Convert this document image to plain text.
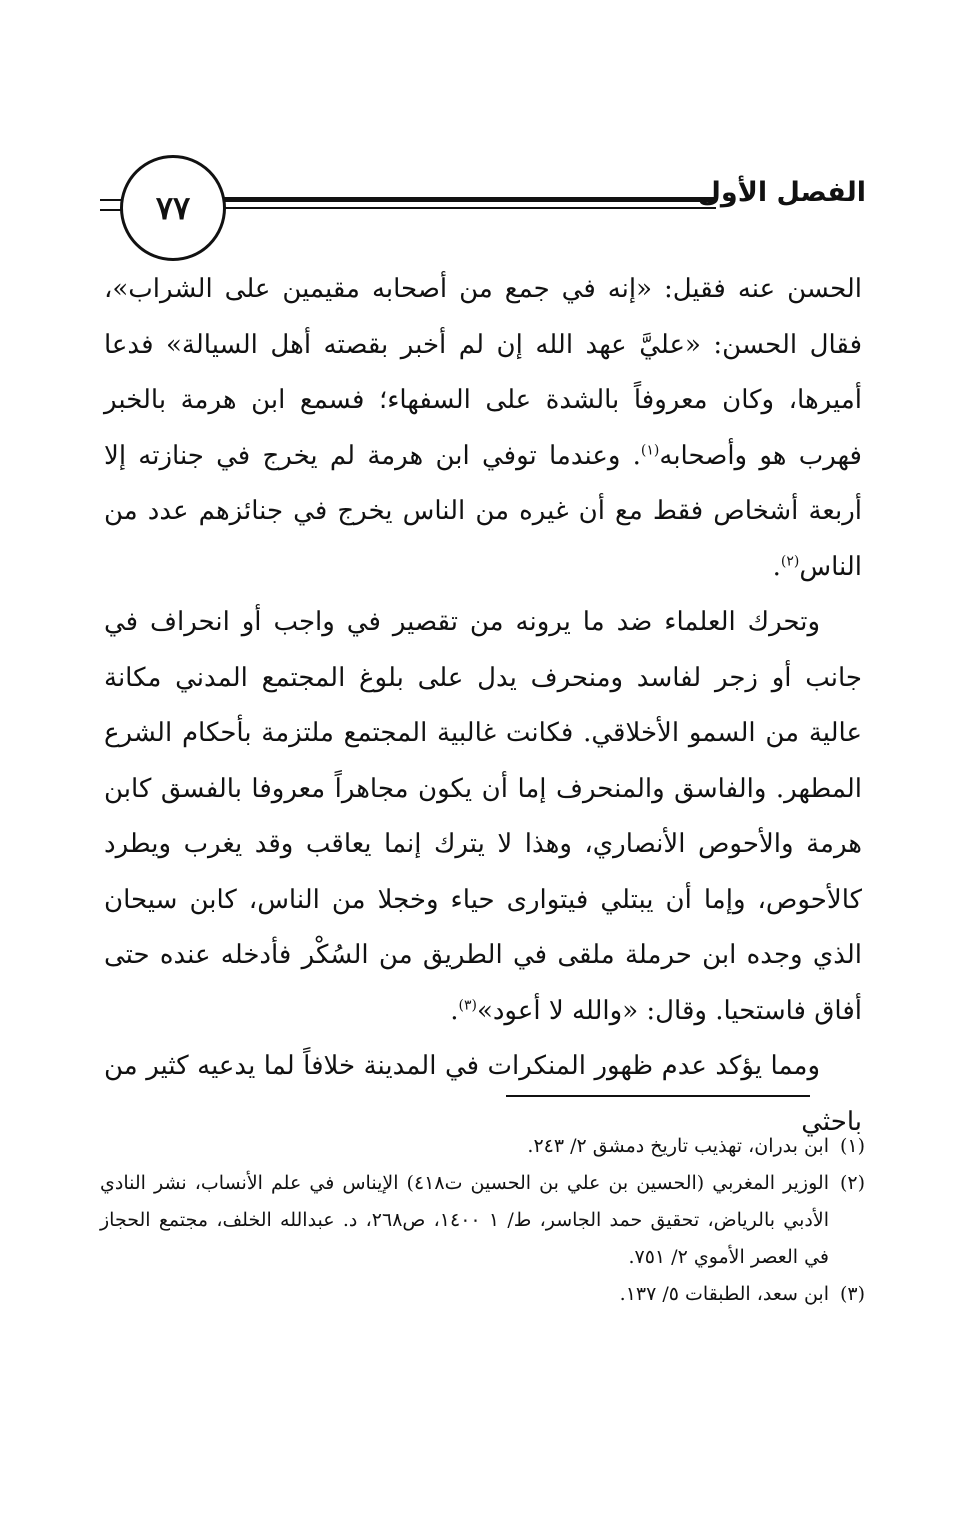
٧٧	الفصل الأول

الحسن عنه فقيل: «إنه في جمع من أصحابه مقيمين على الشراب»، فقال الحسن: «عليَّ عهد الله إن لم أخبر بقصته أهل السيالة» فدعا أميرها، وكان معروفاً بالشدة على السفهاء؛ فسمع ابن هرمة بالخبر فهرب هو وأصحابه$^{(١)}$. وعندما توفي ابن هرمة لم يخرج في جنازته إلا أربعة أشخاص فقط مع أن غيره من الناس يخرج في جنائزهم عدد من الناس$^{(٢)}$.

وتحرك العلماء ضد ما يرونه من تقصير في واجب أو انحراف في جانب أو زجر لفاسد ومنحرف يدل على بلوغ المجتمع المدني مكانة عالية من السمو الأخلاقي. فكانت غالبية المجتمع ملتزمة بأحكام الشرع المطهر. والفاسق والمنحرف إما أن يكون مجاهراً معروفا بالفسق كابن هرمة والأحوص الأنصاري، وهذا لا يترك إنما يعاقب وقد يغرب ويطرد كالأحوص، وإما أن يبتلي فيتوارى حياء وخجلا من الناس، كابن سيحان الذي وجده ابن حرملة ملقى في الطريق من السُكْر فأدخله عنده حتى أفاق فاستحيا. وقال: «والله لا أعود»$^{(٣)}$.

ومما يؤكد عدم ظهور المنكرات في المدينة خلافاً لما يدعيه كثير من باحثي

(١)
ابن بدران، تهذيب تاريخ دمشق ٢/ ٢٤٣.

(٢)
الوزير المغربي (الحسين بن علي بن الحسين ت٤١٨) الإيناس في علم الأنساب، نشر النادي الأدبي بالرياض، تحقيق حمد الجاسر، ط/ ١ ١٤٠٠، ص٢٦٨، د. عبدالله الخلف، مجتمع الحجاز في العصر الأموي ٢/ ٧٥١.

(٣)
ابن سعد، الطبقات ٥/ ١٣٧.
